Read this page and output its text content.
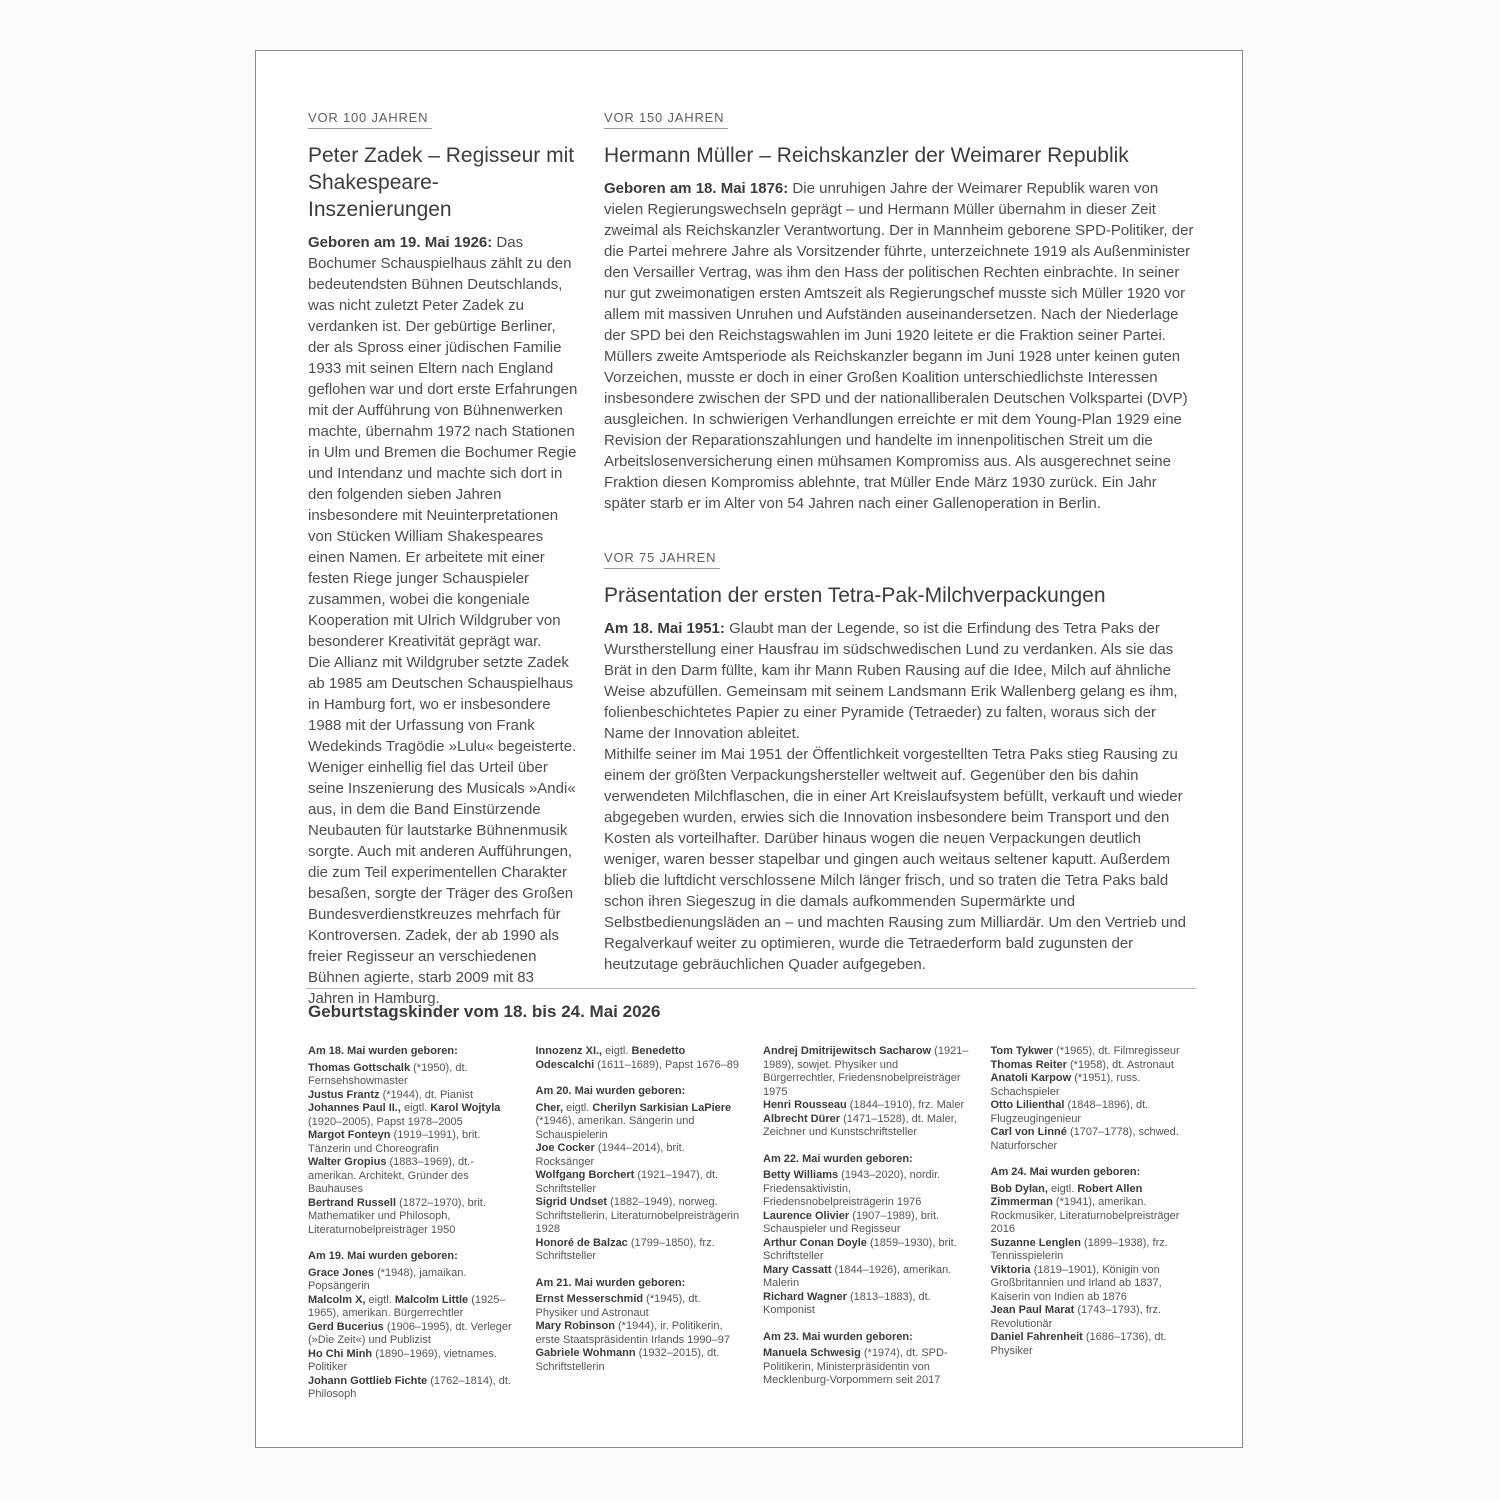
VOR 100 JAHREN
Peter Zadek – Regisseur mit Shakespeare-Inszenierungen

Geboren am 19. Mai 1926: Das Bochumer Schauspielhaus zählt zu den bedeutendsten Bühnen Deutschlands, was nicht zuletzt Peter Zadek zu verdanken ist. Der gebürtige Berliner, der als Spross einer jüdischen Familie 1933 mit seinen Eltern nach England geflohen war und dort erste Erfahrungen mit der Aufführung von Bühnenwerken machte, übernahm 1972 nach Stationen in Ulm und Bremen die Bochumer Regie und Intendanz und machte sich dort in den folgenden sieben Jahren insbesondere mit Neuinterpretationen von Stücken William Shakespeares einen Namen. Er arbeitete mit einer festen Riege junger Schauspieler zusammen, wobei die kongeniale Kooperation mit Ulrich Wildgruber von besonderer Kreativität geprägt war.

Die Allianz mit Wildgruber setzte Zadek ab 1985 am Deutschen Schauspielhaus in Hamburg fort, wo er insbesondere 1988 mit der Urfassung von Frank Wedekinds Tragödie »Lulu« begeisterte. Weniger einhellig fiel das Urteil über seine Inszenierung des Musicals »Andi« aus, in dem die Band Einstürzende Neubauten für lautstarke Bühnenmusik sorgte. Auch mit anderen Aufführungen, die zum Teil experimentellen Charakter besaßen, sorgte der Träger des Großen Bundesverdienstkreuzes mehrfach für Kontroversen. Zadek, der ab 1990 als freier Regisseur an verschiedenen Bühnen agierte, starb 2009 mit 83 Jahren in Hamburg.

VOR 150 JAHREN
Hermann Müller – Reichskanzler der Weimarer Republik

Geboren am 18. Mai 1876: Die unruhigen Jahre der Weimarer Republik waren von vielen Regierungswechseln geprägt – und Hermann Müller übernahm in dieser Zeit zweimal als Reichskanzler Verantwortung. Der in Mannheim geborene SPD-Politiker, der die Partei mehrere Jahre als Vorsitzender führte, unterzeichnete 1919 als Außenminister den Versailler Vertrag, was ihm den Hass der politischen Rechten einbrachte. In seiner nur gut zweimonatigen ersten Amtszeit als Regierungschef musste sich Müller 1920 vor allem mit massiven Unruhen und Aufständen auseinandersetzen. Nach der Niederlage der SPD bei den Reichstagswahlen im Juni 1920 leitete er die Fraktion seiner Partei.

Müllers zweite Amtsperiode als Reichskanzler begann im Juni 1928 unter keinen guten Vorzeichen, musste er doch in einer Großen Koalition unterschiedlichste Interessen insbesondere zwischen der SPD und der nationalliberalen Deutschen Volkspartei (DVP) ausgleichen. In schwierigen Verhandlungen erreichte er mit dem Young-Plan 1929 eine Revision der Reparationszahlungen und handelte im innenpolitischen Streit um die Arbeitslosenversicherung einen mühsamen Kompromiss aus. Als ausgerechnet seine Fraktion diesen Kompromiss ablehnte, trat Müller Ende März 1930 zurück. Ein Jahr später starb er im Alter von 54 Jahren nach einer Gallenoperation in Berlin.

VOR 75 JAHREN
Präsentation der ersten Tetra-Pak-Milchverpackungen

Am 18. Mai 1951: Glaubt man der Legende, so ist die Erfindung des Tetra Paks der Wurstherstellung einer Hausfrau im südschwedischen Lund zu verdanken. Als sie das Brät in den Darm füllte, kam ihr Mann Ruben Rausing auf die Idee, Milch auf ähnliche Weise abzufüllen. Gemeinsam mit seinem Landsmann Erik Wallenberg gelang es ihm, folienbeschichtetes Papier zu einer Pyramide (Tetraeder) zu falten, woraus sich der Name der Innovation ableitet.

Mithilfe seiner im Mai 1951 der Öffentlichkeit vorgestellten Tetra Paks stieg Rausing zu einem der größten Verpackungshersteller weltweit auf. Gegenüber den bis dahin verwendeten Milchflaschen, die in einer Art Kreislaufsystem befüllt, verkauft und wieder abgegeben wurden, erwies sich die Innovation insbesondere beim Transport und den Kosten als vorteilhafter. Darüber hinaus wogen die neuen Verpackungen deutlich weniger, waren besser stapelbar und gingen auch weitaus seltener kaputt. Außerdem blieb die luftdicht verschlossene Milch länger frisch, und so traten die Tetra Paks bald schon ihren Siegeszug in die damals aufkommenden Supermärkte und Selbstbedienungsläden an – und machten Rausing zum Milliardär. Um den Vertrieb und Regalverkauf weiter zu optimieren, wurde die Tetraederform bald zugunsten der heutzutage gebräuchlichen Quader aufgegeben.

Geburtstagskinder vom 18. bis 24. Mai 2026

Am 18. Mai wurden geboren:

Thomas Gottschalk (*1950), dt. Fernsehshowmaster

Justus Frantz (*1944), dt. Pianist

Johannes Paul II., eigtl. Karol Wojtyla (1920–2005), Papst 1978–2005

Margot Fonteyn (1919–1991), brit. Tänzerin und Choreografin

Walter Gropius (1883–1969), dt.-amerikan. Architekt, Gründer des Bauhauses

Bertrand Russell (1872–1970), brit. Mathematiker und Philosoph, Literaturnobelpreisträger 1950

Am 19. Mai wurden geboren:

Grace Jones (*1948), jamaikan. Popsängerin

Malcolm X, eigtl. Malcolm Little (1925–1965), amerikan. Bürgerrechtler

Gerd Bucerius (1906–1995), dt. Verleger (»Die Zeit«) und Publizist

Ho Chi Minh (1890–1969), vietnames. Politiker

Johann Gottlieb Fichte (1762–1814), dt. Philosoph

Innozenz XI., eigtl. Benedetto Odescalchi (1611–1689), Papst 1676–89

Am 20. Mai wurden geboren:

Cher, eigtl. Cherilyn Sarkisian LaPiere (*1946), amerikan. Sängerin und Schauspielerin

Joe Cocker (1944–2014), brit. Rocksänger

Wolfgang Borchert (1921–1947), dt. Schriftsteller

Sigrid Undset (1882–1949), norweg. Schriftstellerin, Literaturnobelpreisträgerin 1928

Honoré de Balzac (1799–1850), frz. Schriftsteller

Am 21. Mai wurden geboren:

Ernst Messerschmid (*1945), dt. Physiker und Astronaut

Mary Robinson (*1944), ir. Politikerin, erste Staatspräsidentin Irlands 1990–97

Gabriele Wohmann (1932–2015), dt. Schriftstellerin

Andrej Dmitrijewitsch Sacharow (1921–1989), sowjet. Physiker und Bürgerrechtler, Friedensnobelpreisträger 1975

Henri Rousseau (1844–1910), frz. Maler

Albrecht Dürer (1471–1528), dt. Maler, Zeichner und Kunstschriftsteller

Am 22. Mai wurden geboren:

Betty Williams (1943–2020), nordir. Friedensaktivistin, Friedensnobelpreisträgerin 1976

Laurence Olivier (1907–1989), brit. Schauspieler und Regisseur

Arthur Conan Doyle (1859–1930), brit. Schriftsteller

Mary Cassatt (1844–1926), amerikan. Malerin

Richard Wagner (1813–1883), dt. Komponist

Am 23. Mai wurden geboren:

Manuela Schwesig (*1974), dt. SPD-Politikerin, Ministerpräsidentin von Mecklenburg-Vorpommern seit 2017

Tom Tykwer (*1965), dt. Filmregisseur

Thomas Reiter (*1958), dt. Astronaut

Anatoli Karpow (*1951), russ. Schachspieler

Otto Lilienthal (1848–1896), dt. Flugzeugingenieur

Carl von Linné (1707–1778), schwed. Naturforscher

Am 24. Mai wurden geboren:

Bob Dylan, eigtl. Robert Allen Zimmerman (*1941), amerikan. Rockmusiker, Literaturnobelpreisträger 2016

Suzanne Lenglen (1899–1938), frz. Tennisspielerin

Viktoria (1819–1901), Königin von Großbritannien und Irland ab 1837, Kaiserin von Indien ab 1876

Jean Paul Marat (1743–1793), frz. Revolutionär

Daniel Fahrenheit (1686–1736), dt. Physiker
